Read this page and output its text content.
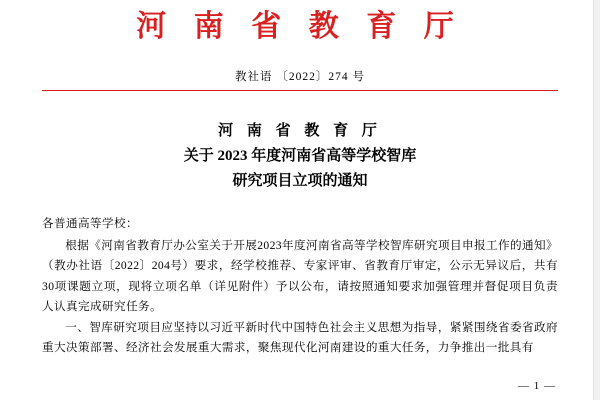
河 南 省 教 育 厅
教社语 〔2022〕274 号
河 南 省 教 育 厅
关于 2023 年度河南省高等学校智库
研究项目立项的通知

各普通高等学校：

根据《河南省教育厅办公室关于开展2023年度河南省高等学校智库研究项目申报工作的通知》（教办社语〔2022〕204号）要求，经学校推荐、专家评审、省教育厅审定，公示无异议后，共有30项课题立项，现将立项名单（详见附件）予以公布，请按照通知要求加强管理并督促项目负责人认真完成研究任务。

一、智库研究项目应坚持以习近平新时代中国特色社会主义思想为指导，紧紧围绕省委省政府重大决策部署、经济社会发展重大需求，聚焦现代化河南建设的重大任务，力争推出一批具有

— 1 —
